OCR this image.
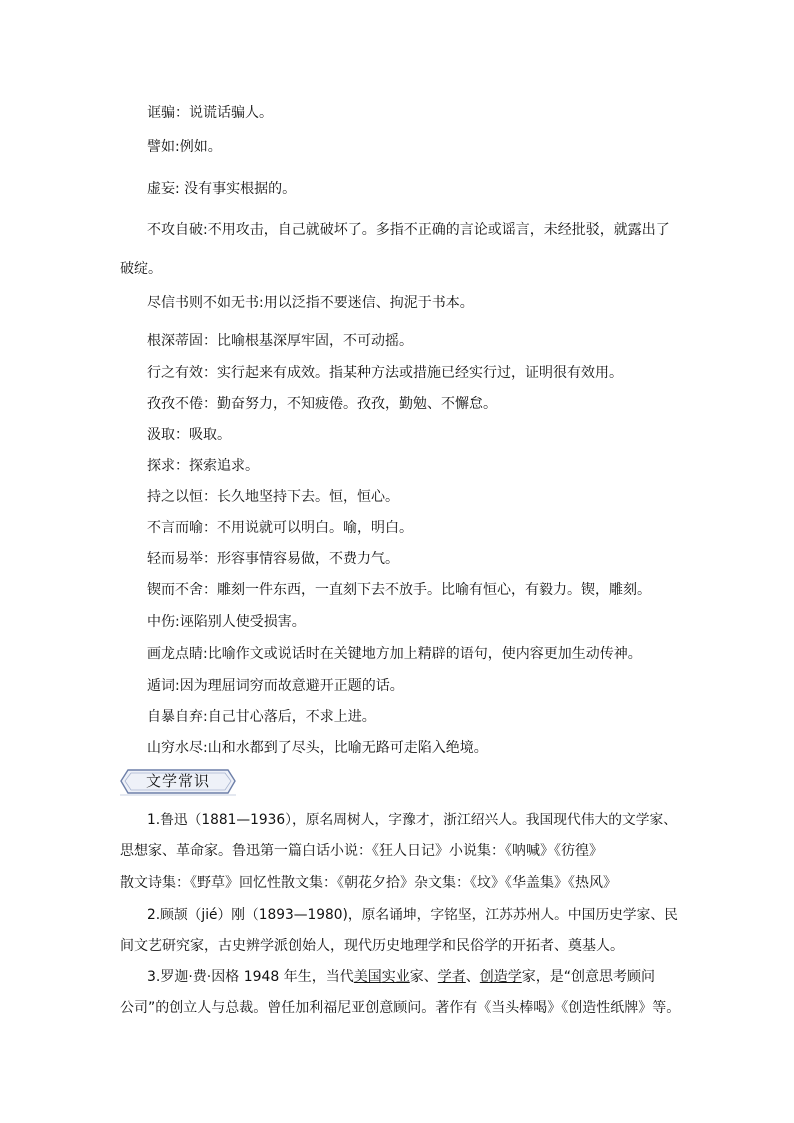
诓骗：说谎话骗人。
譬如:例如。
虚妄: 没有事实根据的。
不攻自破:不用攻击，自己就破坏了。多指不正确的言论或谣言，未经批驳，就露出了
破绽。
尽信书则不如无书:用以泛指不要迷信、拘泥于书本。
根深蒂固：比喻根基深厚牢固，不可动摇。
行之有效：实行起来有成效。指某种方法或措施已经实行过，证明很有效用。
孜孜不倦：勤奋努力，不知疲倦。孜孜，勤勉、不懈怠。
汲取：吸取。
探求：探索追求。
持之以恒：长久地坚持下去。恒，恒心。
不言而喻：不用说就可以明白。喻，明白。
轻而易举：形容事情容易做，不费力气。
锲而不舍：雕刻一件东西，一直刻下去不放手。比喻有恒心，有毅力。锲，雕刻。
中伤:诬陷别人使受损害。
画龙点睛:比喻作文或说话时在关键地方加上精辟的语句，使内容更加生动传神。
遁词:因为理屈词穷而故意避开正题的话。
自暴自弃:自己甘心落后，不求上进。
山穷水尽:山和水都到了尽头，比喻无路可走陷入绝境。
文学常识
1.鲁迅（1881—1936），原名周树人，字豫才，浙江绍兴人。我国现代伟大的文学家、
思想家、革命家。鲁迅第一篇白话小说：《狂人日记》小说集：《呐喊》《彷徨》
散文诗集：《野草》回忆性散文集：《朝花夕拾》杂文集：《坟》《华盖集》《热风》
2.顾颉（jié）刚（1893—1980)，原名诵坤，字铭坚，江苏苏州人。中国历史学家、民
间文艺研究家，古史辨学派创始人，现代历史地理学和民俗学的开拓者、奠基人。
3.罗迦·费·因格 1948 年生，当代美国实业家、学者、创造学家，是“创意思考顾问
公司”的创立人与总裁。曾任加利福尼亚创意顾问。著作有《当头棒喝》《创造性纸牌》等。
